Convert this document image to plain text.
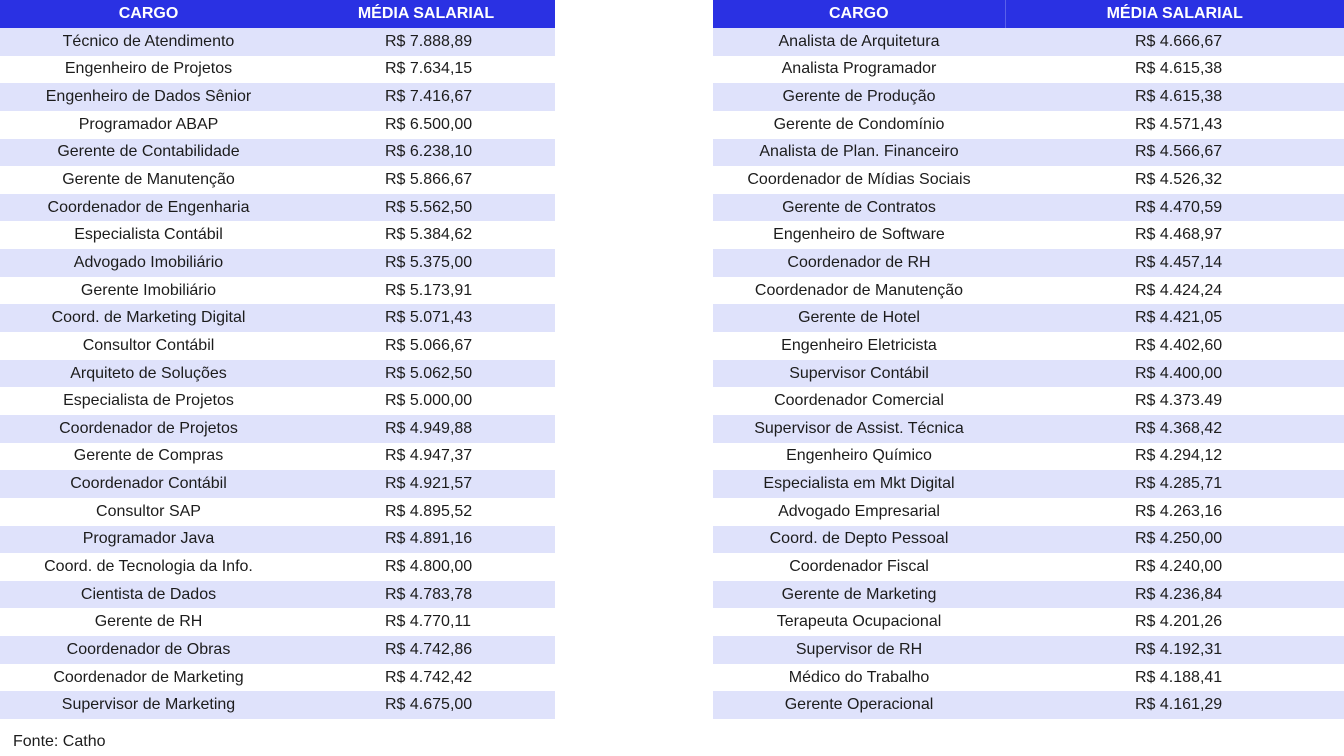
CARGO	MÉDIA SALARIAL
Técnico de Atendimento	R$ 7.888,89
Engenheiro de Projetos	R$ 7.634,15
Engenheiro de Dados Sênior	R$ 7.416,67
Programador ABAP	R$ 6.500,00
Gerente de Contabilidade	R$ 6.238,10
Gerente de Manutenção	R$ 5.866,67
Coordenador de Engenharia	R$ 5.562,50
Especialista Contábil	R$ 5.384,62
Advogado Imobiliário	R$ 5.375,00
Gerente Imobiliário	R$ 5.173,91
Coord. de Marketing Digital	R$ 5.071,43
Consultor Contábil	R$ 5.066,67
Arquiteto de Soluções	R$ 5.062,50
Especialista de Projetos	R$ 5.000,00
Coordenador de Projetos	R$ 4.949,88
Gerente de Compras	R$ 4.947,37
Coordenador Contábil	R$ 4.921,57
Consultor SAP	R$ 4.895,52
Programador Java	R$ 4.891,16
Coord. de Tecnologia da Info.	R$ 4.800,00
Cientista de Dados	R$ 4.783,78
Gerente de RH	R$ 4.770,11
Coordenador de Obras	R$ 4.742,86
Coordenador de Marketing	R$ 4.742,42
Supervisor de Marketing	R$ 4.675,00
CARGO	MÉDIA SALARIAL
Analista de Arquitetura	R$ 4.666,67
Analista Programador	R$ 4.615,38
Gerente de Produção	R$ 4.615,38
Gerente de Condomínio	R$ 4.571,43
Analista de Plan. Financeiro	R$ 4.566,67
Coordenador de Mídias Sociais	R$ 4.526,32
Gerente de Contratos	R$ 4.470,59
Engenheiro de Software	R$ 4.468,97
Coordenador de RH	R$ 4.457,14
Coordenador de Manutenção	R$ 4.424,24
Gerente de Hotel	R$ 4.421,05
Engenheiro Eletricista	R$ 4.402,60
Supervisor Contábil	R$ 4.400,00
Coordenador Comercial	R$ 4.373.49
Supervisor de Assist. Técnica	R$ 4.368,42
Engenheiro Químico	R$ 4.294,12
Especialista em Mkt Digital	R$ 4.285,71
Advogado Empresarial	R$ 4.263,16
Coord. de Depto Pessoal	R$ 4.250,00
Coordenador Fiscal	R$ 4.240,00
Gerente de Marketing	R$ 4.236,84
Terapeuta Ocupacional	R$ 4.201,26
Supervisor de RH	R$ 4.192,31
Médico do Trabalho	R$ 4.188,41
Gerente Operacional	R$ 4.161,29
Fonte: Catho
